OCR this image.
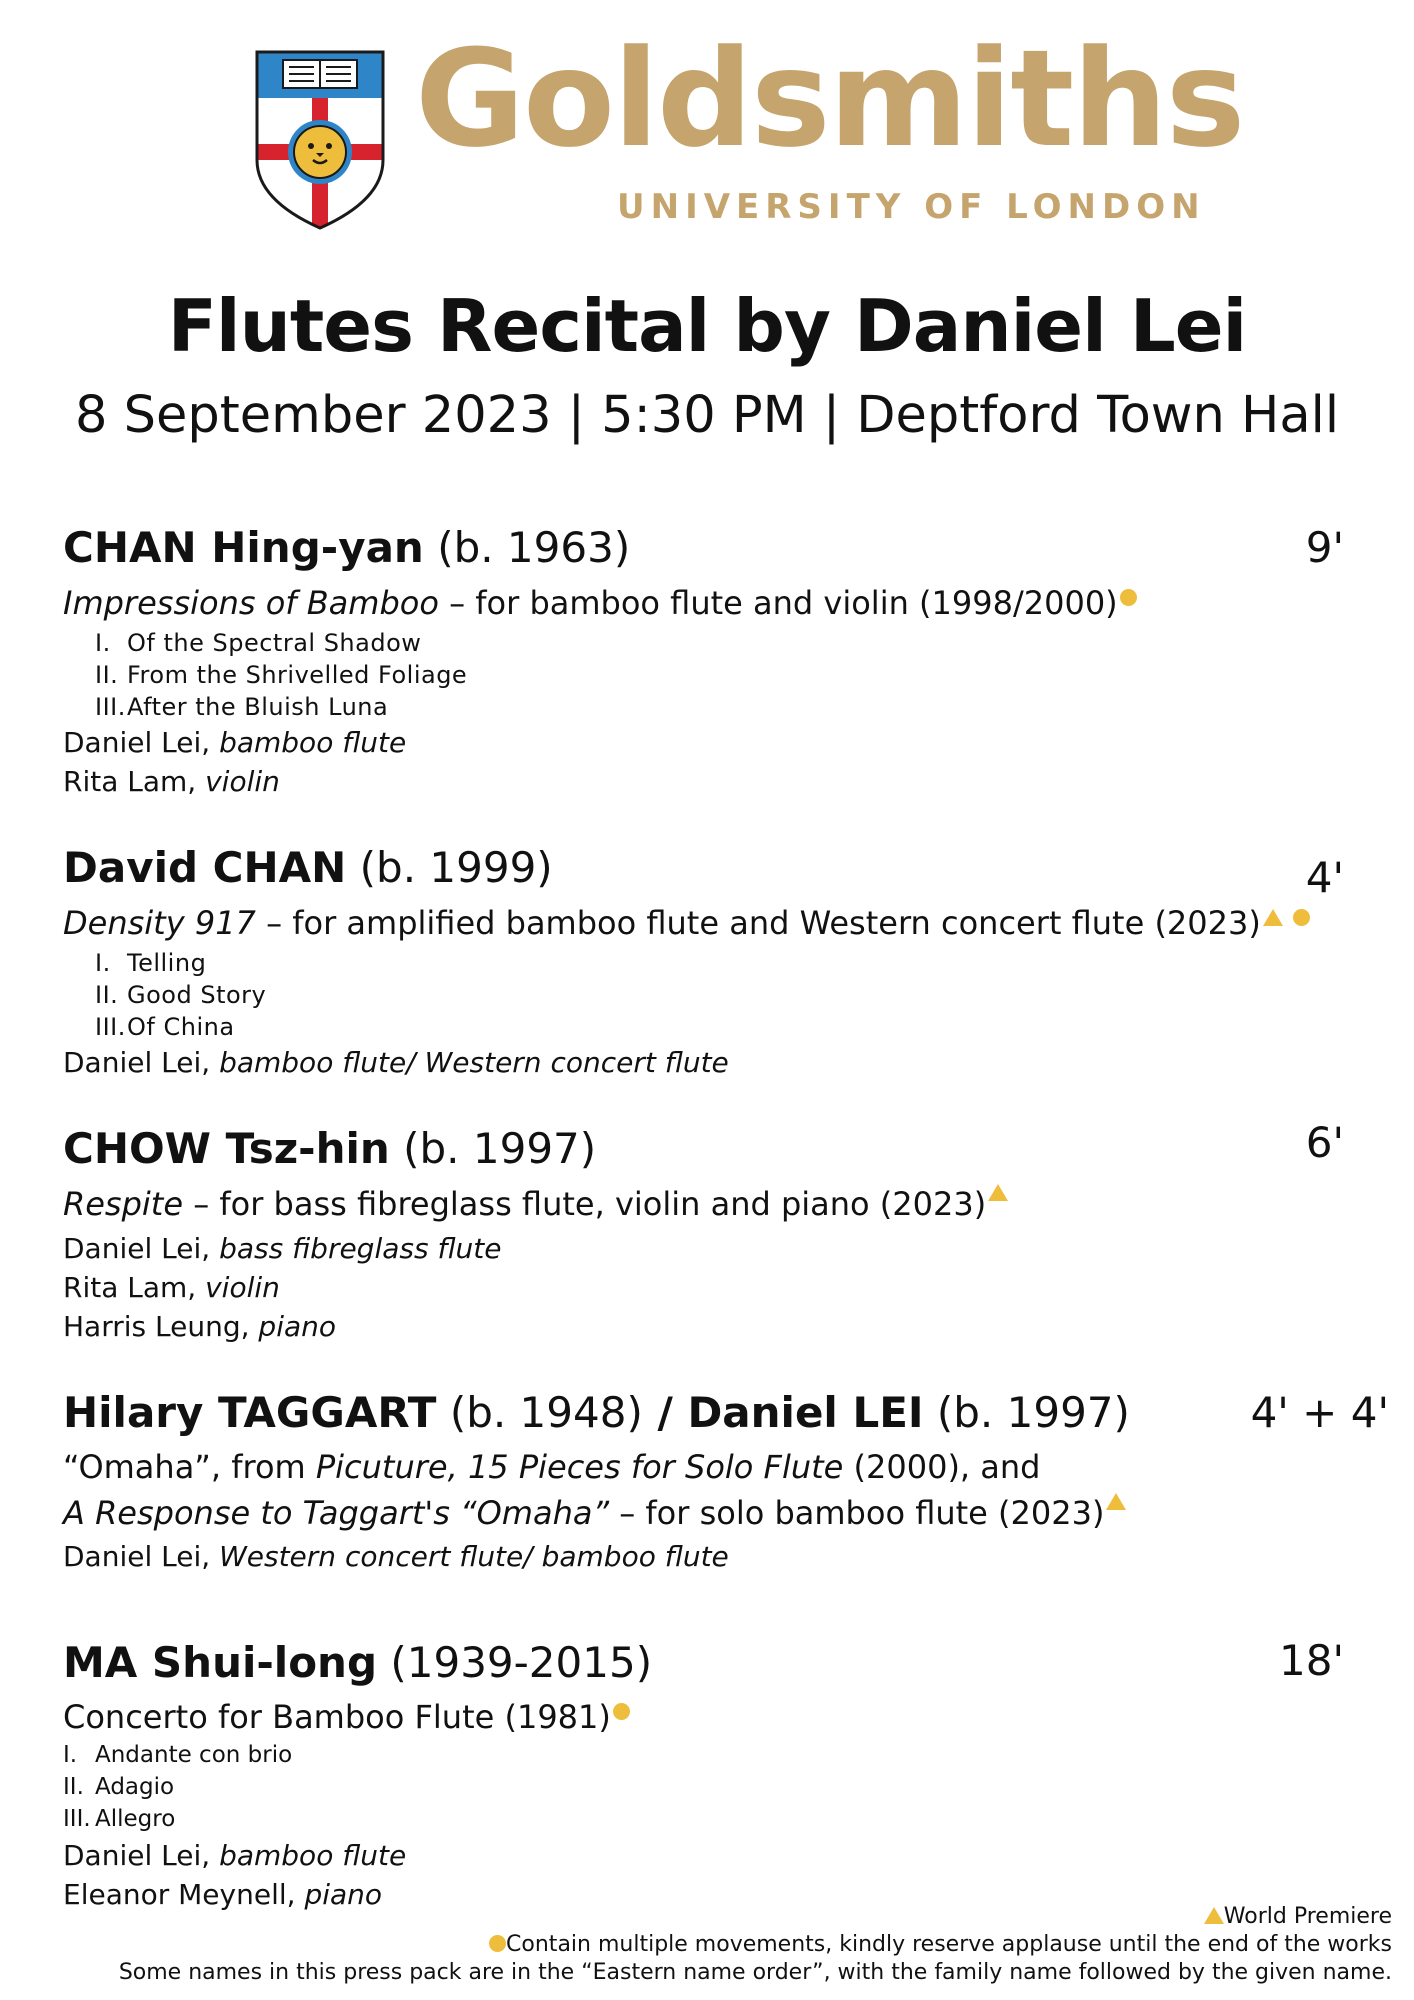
Goldsmiths
UNIVERSITY OF LONDON
Flutes Recital by Daniel Lei
8 September 2023 | 5:30 PM | Deptford Town Hall
CHAN Hing-yan (b. 1963)	9'
Impressions of Bamboo – for bamboo flute and violin (1998/2000)
I. Of the Spectral Shadow
II. From the Shrivelled Foliage
III.After the Bluish Luna
Daniel Lei, bamboo flute
Rita Lam, violin
David CHAN (b. 1999)	4'
Density 917 – for amplified bamboo flute and Western concert flute (2023)
I. Telling
II. Good Story
III.Of China
Daniel Lei, bamboo flute/ Western concert flute
CHOW Tsz-hin (b. 1997)	6'
Respite – for bass fibreglass flute, violin and piano (2023)
Daniel Lei, bass fibreglass flute
Rita Lam, violin
Harris Leung, piano
Hilary TAGGART (b. 1948) / Daniel LEI (b. 1997)	4' + 4'
“Omaha”, from Picuture, 15 Pieces for Solo Flute (2000), and
A Response to Taggart's “Omaha” – for solo bamboo flute (2023)
Daniel Lei, Western concert flute/ bamboo flute
MA Shui-long (1939-2015)	18'
Concerto for Bamboo Flute (1981)
I. Andante con brio
II. Adagio
III. Allegro
Daniel Lei, bamboo flute
Eleanor Meynell, piano
World Premiere
Contain multiple movements, kindly reserve applause until the end of the works
Some names in this press pack are in the “Eastern name order”, with the family name followed by the given name.
